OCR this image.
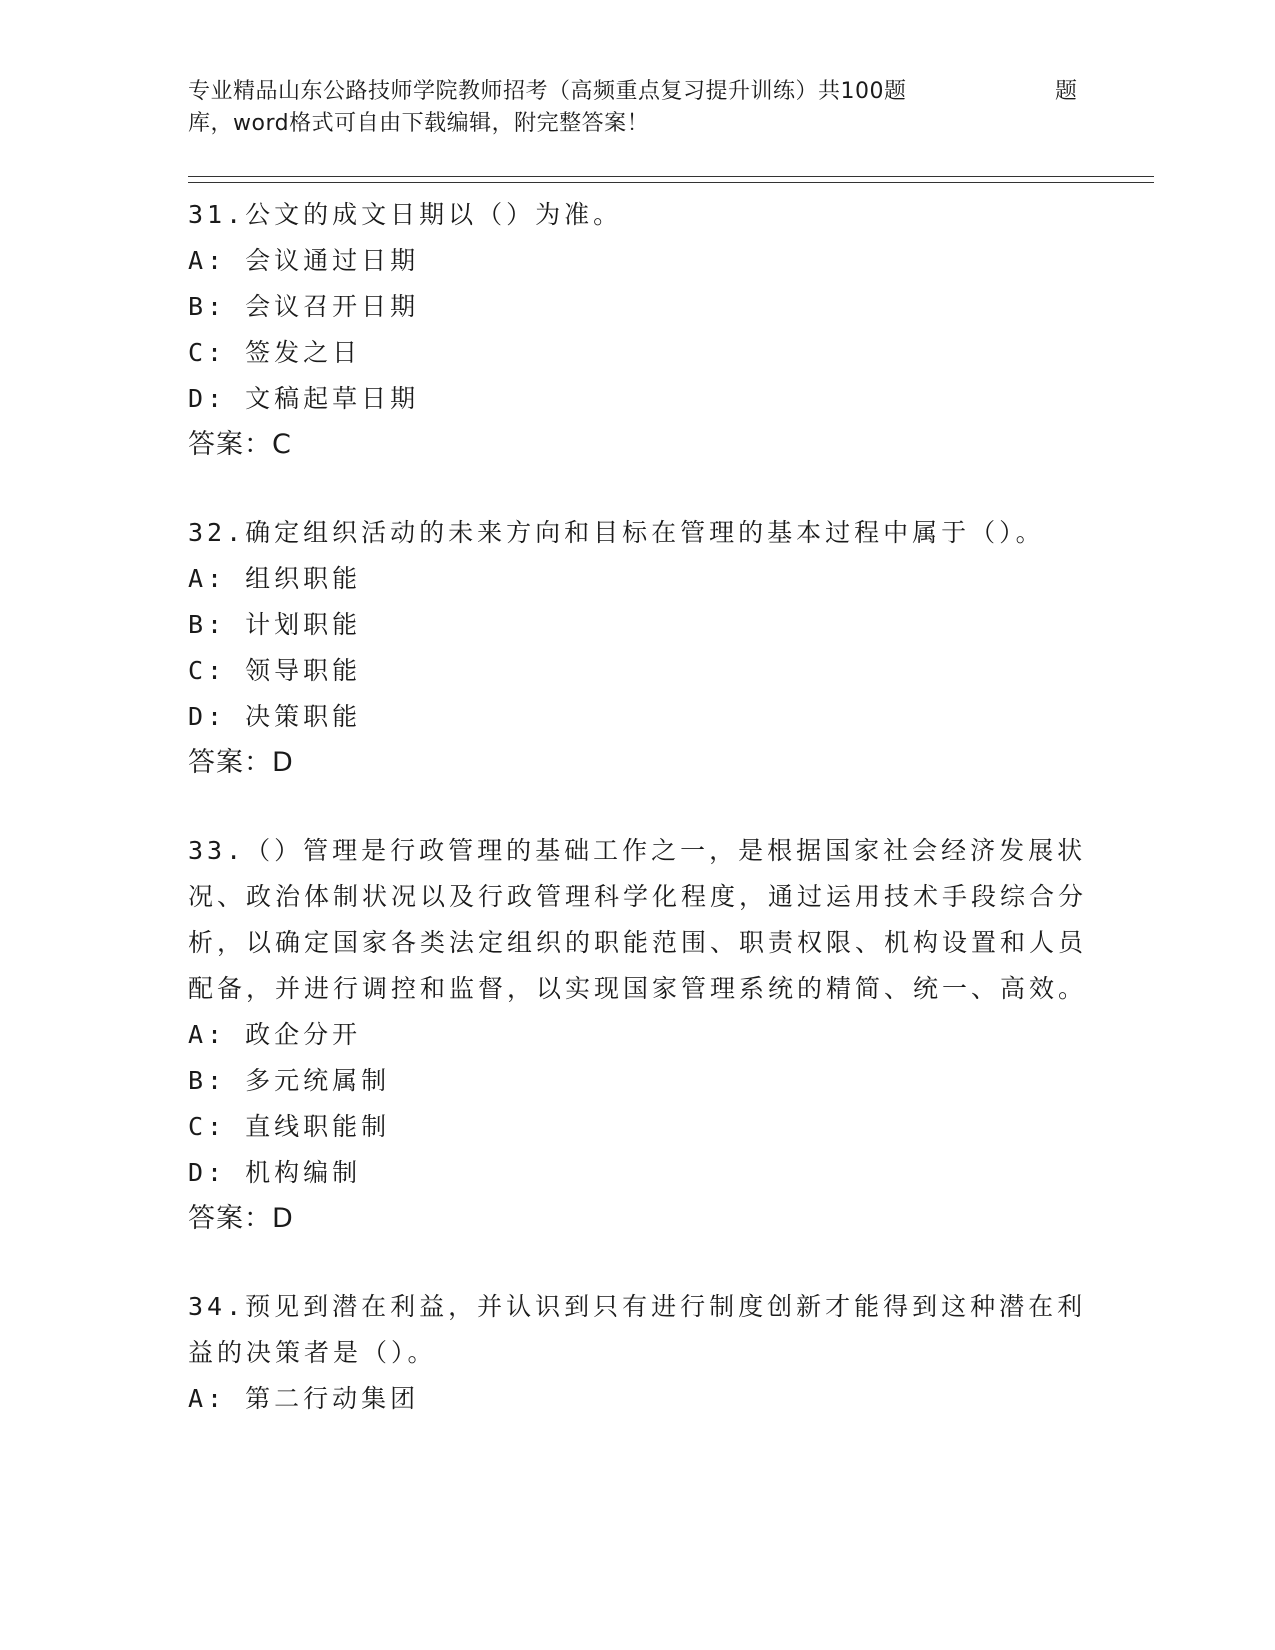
专业精品山东公路技师学院教师招考（高频重点复习提升训练）共100题

库，word格式可自由下载编辑，附完整答案！
题
31.公文的成文日期以（）为准。
A: 会议通过日期
B: 会议召开日期
C: 签发之日
D: 文稿起草日期
答案：C
32.确定组织活动的未来方向和目标在管理的基本过程中属于（）。
A: 组织职能
B: 计划职能
C: 领导职能
D: 决策职能
答案：D
33.（）管理是行政管理的基础工作之一，是根据国家社会经济发展状况、政治体制状况以及行政管理科学化程度，通过运用技术手段综合分析，以确定国家各类法定组织的职能范围、职责权限、机构设置和人员配备，并进行调控和监督，以实现国家管理系统的精简、统一、高效。
A: 政企分开
B: 多元统属制
C: 直线职能制
D: 机构编制
答案：D
34.预见到潜在利益，并认识到只有进行制度创新才能得到这种潜在利益的决策者是（）。
A: 第二行动集团
